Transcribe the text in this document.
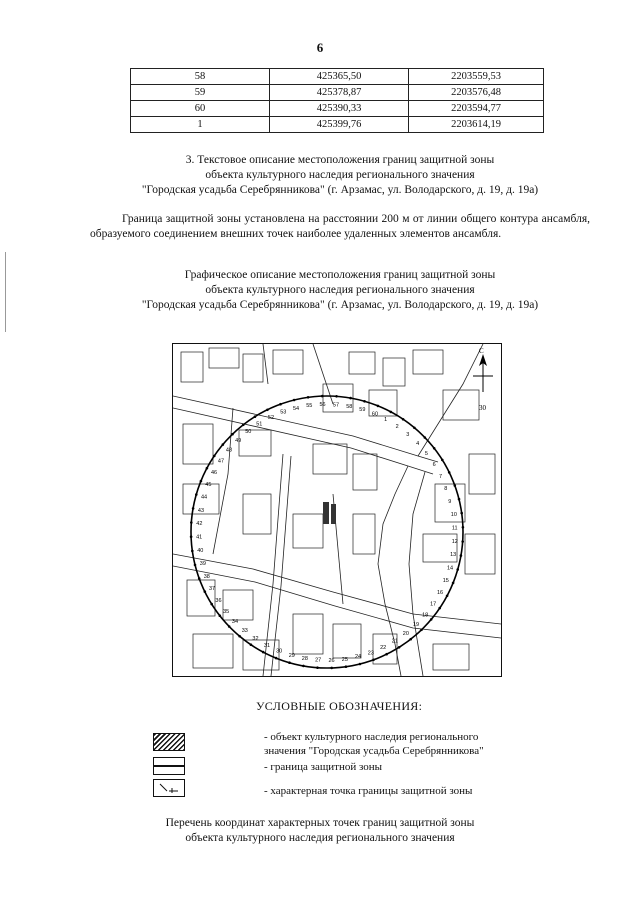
6
58	425365,50	2203559,53
59	425378,87	2203576,48
60	425390,33	2203594,77
1	425399,76	2203614,19
3. Текстовое описание местоположения границ защитной зоны
объекта культурного наследия регионального значения
"Городская усадьба Серебрянникова" (г. Арзамас, ул. Володарского, д. 19, д. 19а)
Граница защитной зоны установлена на расстоянии 200 м от линии общего контура ансамбля, образуемого соединением внешних точек наиболее удаленных элементов ансамбля.
Графическое описание местоположения границ защитной зоны
объекта культурного наследия регионального значения
"Городская усадьба Серебрянникова" (г. Арзамас, ул. Володарского, д. 19, д. 19а)
1
2
3
4
5
6
7
8
9
10
11
12
13
14
15
16
17
18
19
20
21
22
23
24
25
26
27
28
29
30
31
32
33
34
35
36
37
38
39
40
41
42
43
44
45
46
47
48
49
50
51
52
53
54 55 56 57 58
59
60
С
30
УСЛОВНЫЕ ОБОЗНАЧЕНИЯ:
- объект культурного наследия регионального
значения "Городская усадьба Серебрянникова"
- граница защитной зоны
- характерная точка границы защитной зоны
Перечень координат характерных точек границ защитной зоны
объекта культурного наследия регионального значения
